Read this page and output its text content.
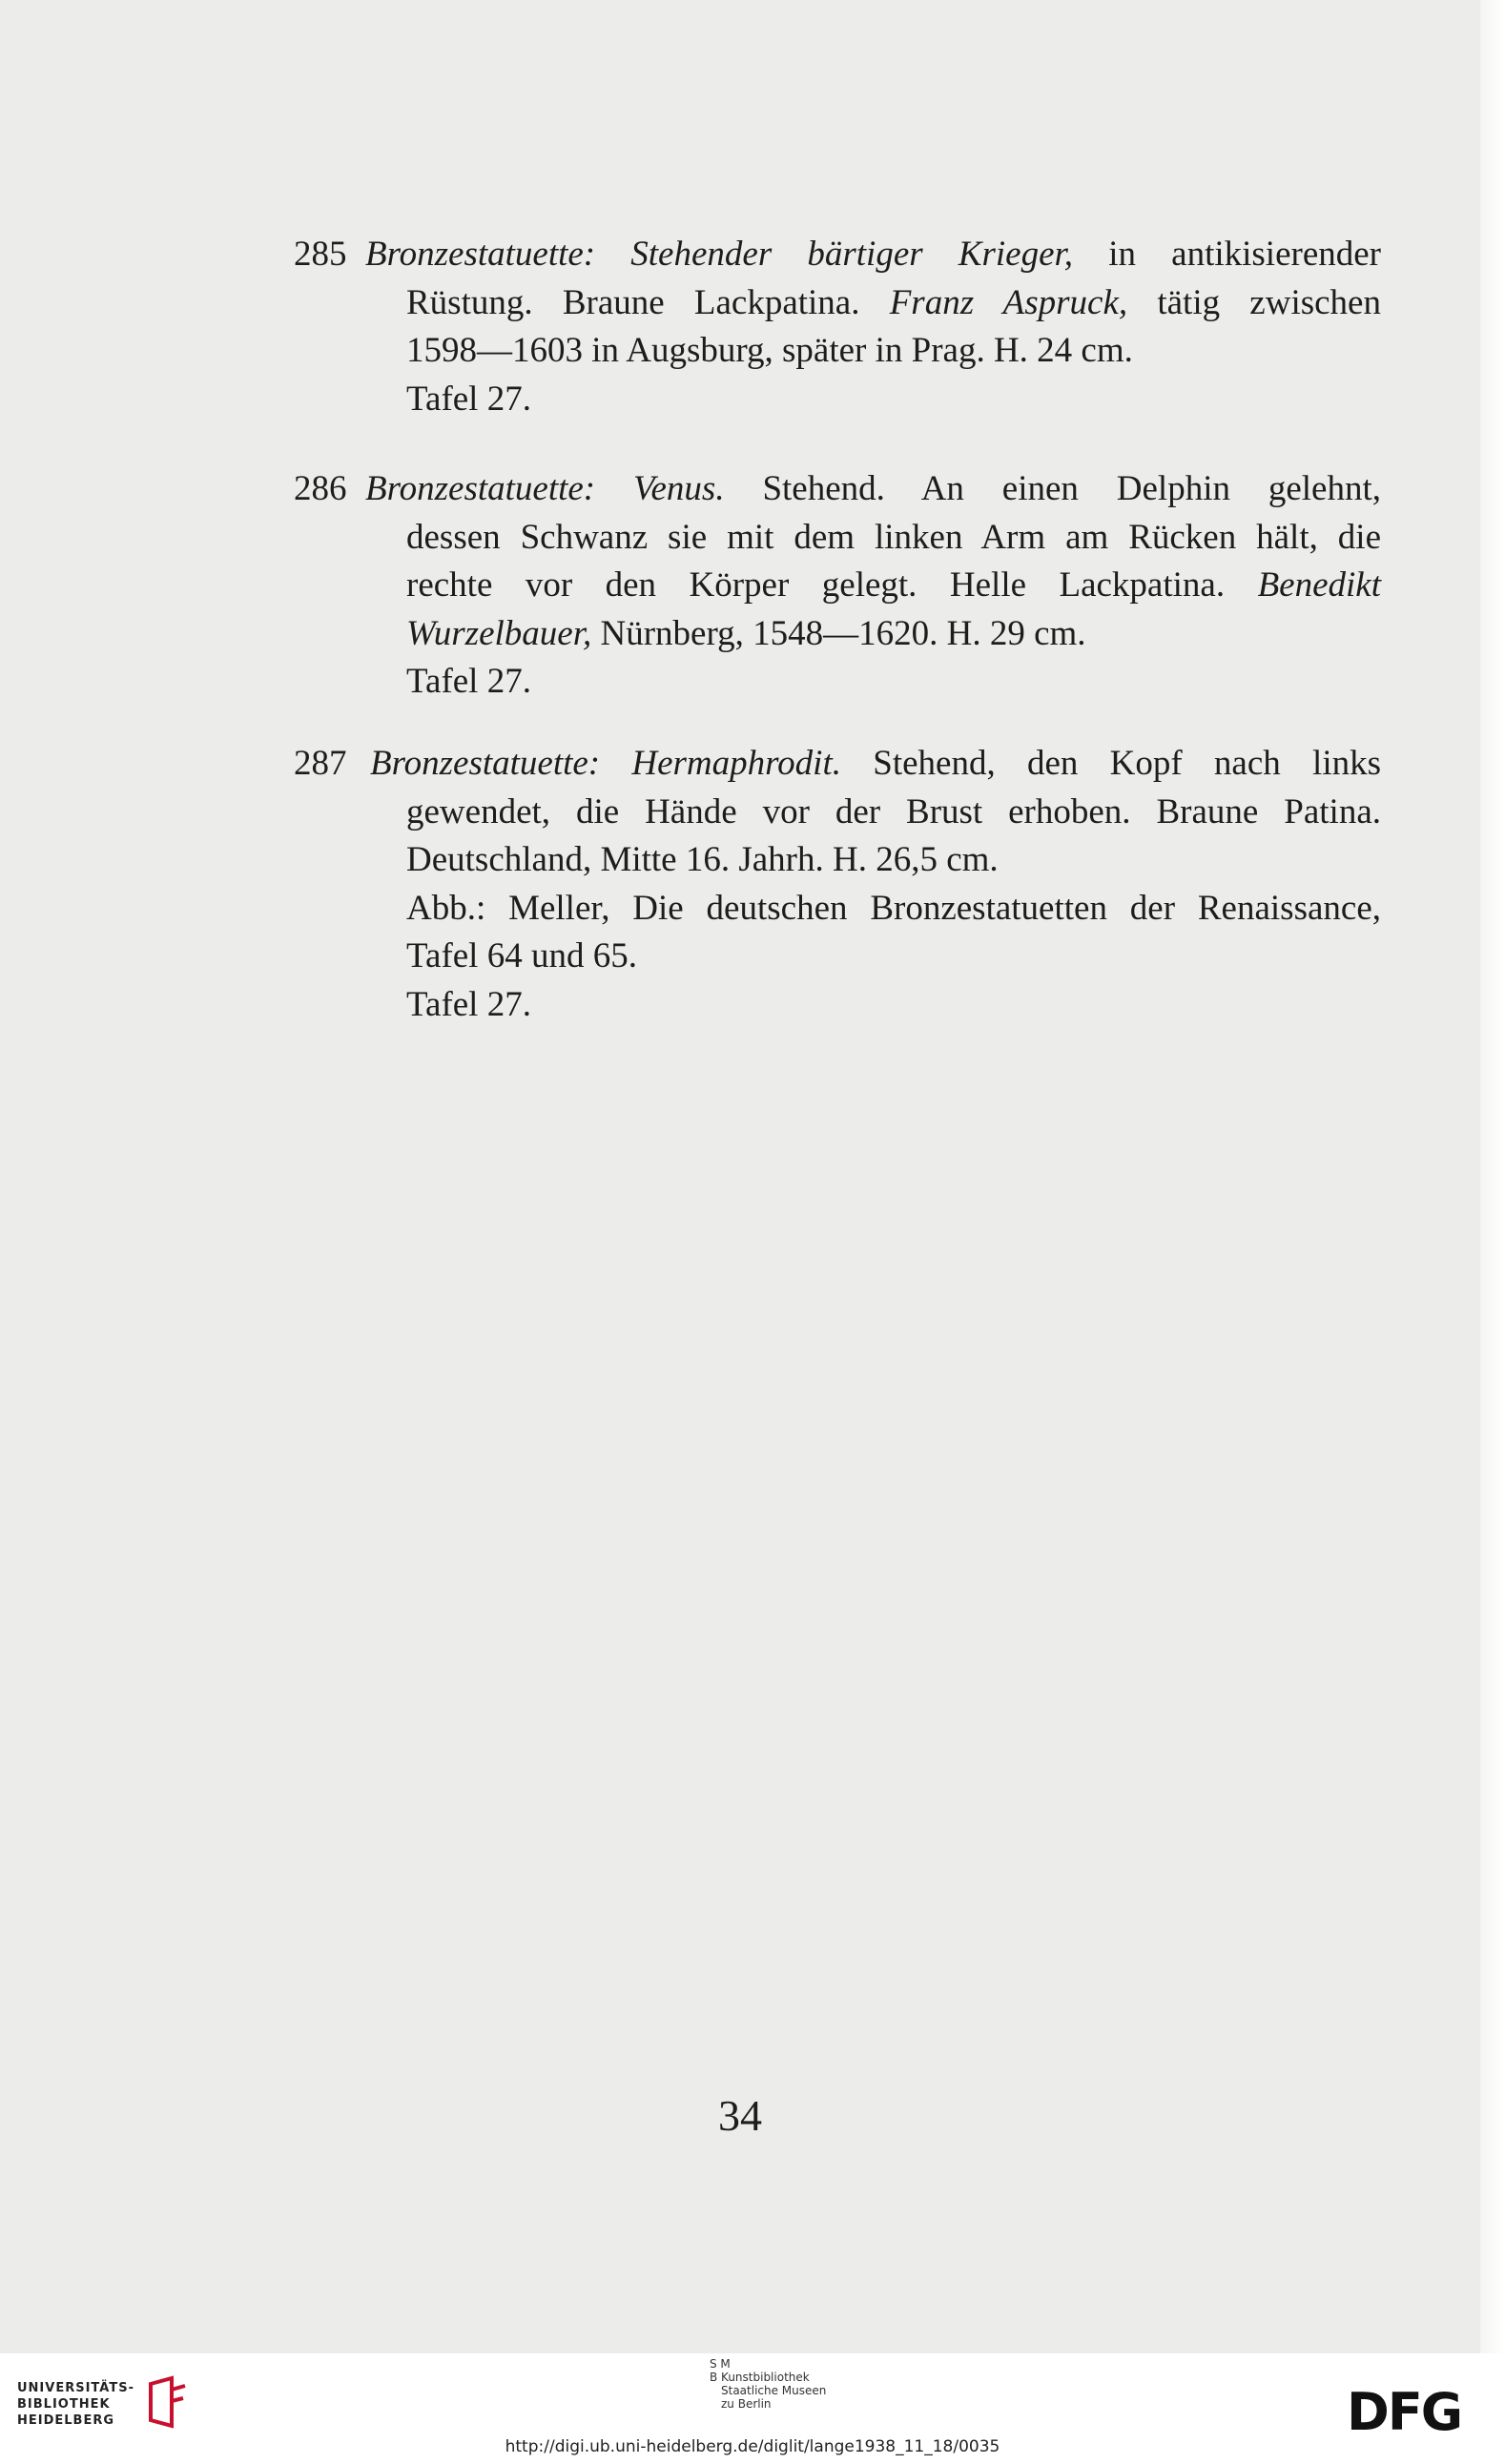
285 Bronzestatuette: Stehender bärtiger Krieger, in antikisierender
Rüstung. Braune Lackpatina. Franz Aspruck, tätig zwischen
1598—1603 in Augsburg, später in Prag. H. 24 cm.
Tafel 27.
286 Bronzestatuette: Venus. Stehend. An einen Delphin gelehnt,
dessen Schwanz sie mit dem linken Arm am Rücken hält, die
rechte vor den Körper gelegt. Helle Lackpatina. Benedikt
Wurzelbauer, Nürnberg, 1548—1620. H. 29 cm.
Tafel 27.
287 Bronzestatuette: Hermaphrodit. Stehend, den Kopf nach links
gewendet, die Hände vor der Brust erhoben. Braune Patina.
Deutschland, Mitte 16. Jahrh. H. 26,5 cm.
Abb.: Meller, Die deutschen Bronzestatuetten der Renaissance,
Tafel 64 und 65.
Tafel 27.
34
UNIVERSITÄTS-
BIBLIOTHEK
HEIDELBERG
S M
B Kunstbibliothek
Staatliche Museen
zu Berlin	DFG
http://digi.ub.uni-heidelberg.de/diglit/lange1938_11_18/0035
